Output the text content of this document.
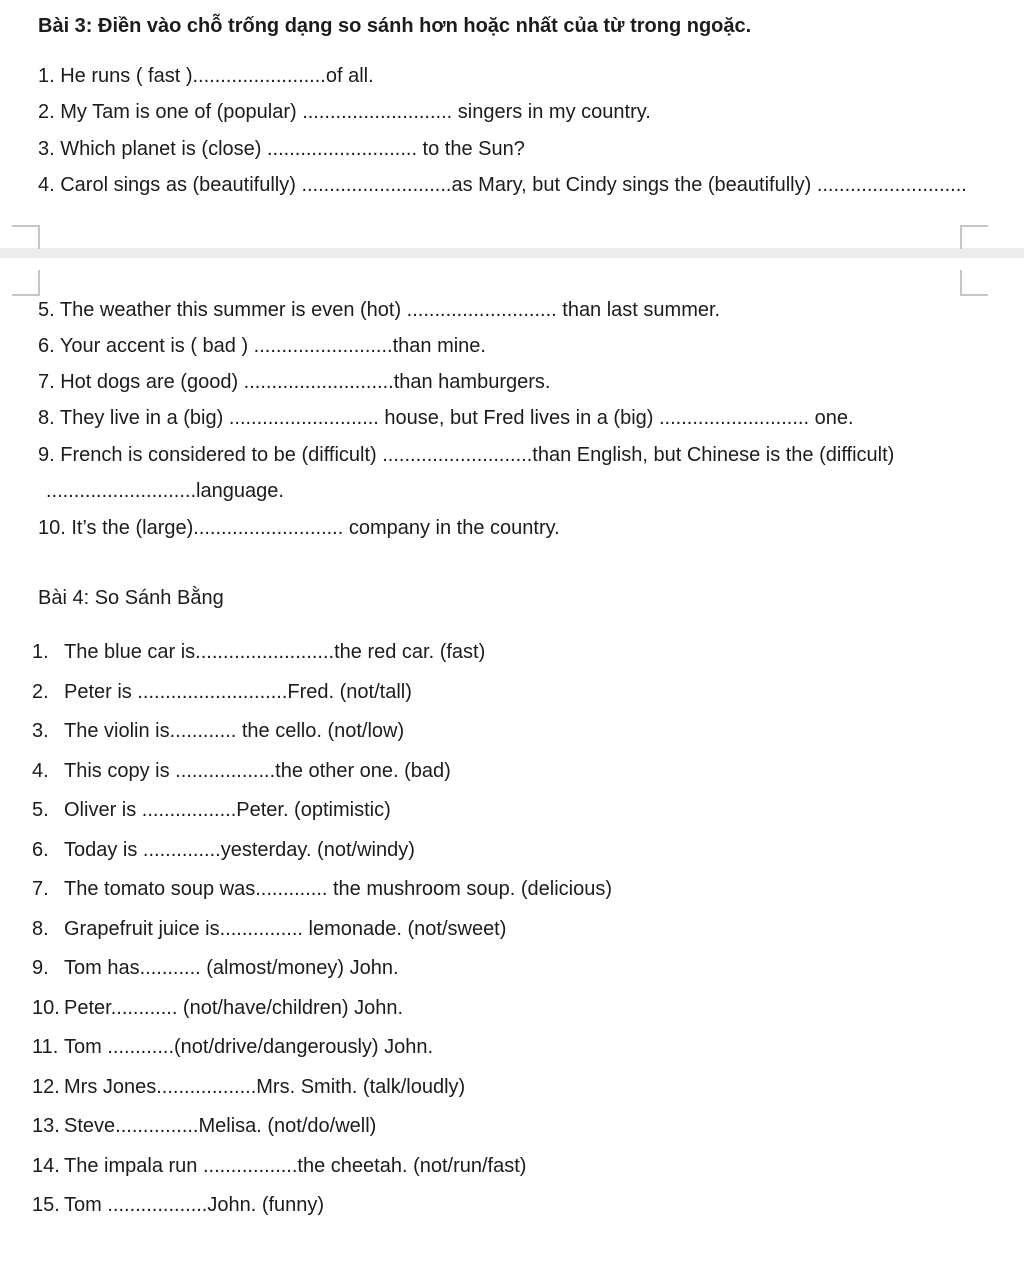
Bài 3: Điền vào chỗ trống dạng so sánh hơn hoặc nhất của từ trong ngoặc.
1. He runs ( fast )........................of all.
2. My Tam is one of (popular) ........................... singers in my country.
3. Which planet is (close) ........................... to the Sun?
4. Carol sings as (beautifully) ...........................as Mary, but Cindy sings the (beautifully) ...........................
5. The weather this summer is even (hot) ........................... than last summer.
6. Your accent is ( bad ) .........................than mine.
7. Hot dogs are (good) ...........................than hamburgers.
8. They live in a (big) ........................... house, but Fred lives in a (big) ........................... one.
9. French is considered to be (difficult) ...........................than English, but Chinese is the (difficult)
...........................language.
10. It’s the (large)........................... company in the country.
Bài 4: So Sánh Bằng
1. The blue car is.........................the red car. (fast)
2. Peter is ...........................Fred. (not/tall)
3. The violin is............ the cello. (not/low)
4. This copy is ..................the other one. (bad)
5. Oliver is .................Peter. (optimistic)
6. Today is ..............yesterday. (not/windy)
7. The tomato soup was............. the mushroom soup. (delicious)
8. Grapefruit juice is............... lemonade. (not/sweet)
9. Tom has........... (almost/money) John.
10. Peter............ (not/have/children) John.
11. Tom ............(not/drive/dangerously) John.
12. Mrs Jones..................Mrs. Smith. (talk/loudly)
13. Steve...............Melisa. (not/do/well)
14. The impala run .................the cheetah. (not/run/fast)
15. Tom ..................John. (funny)
